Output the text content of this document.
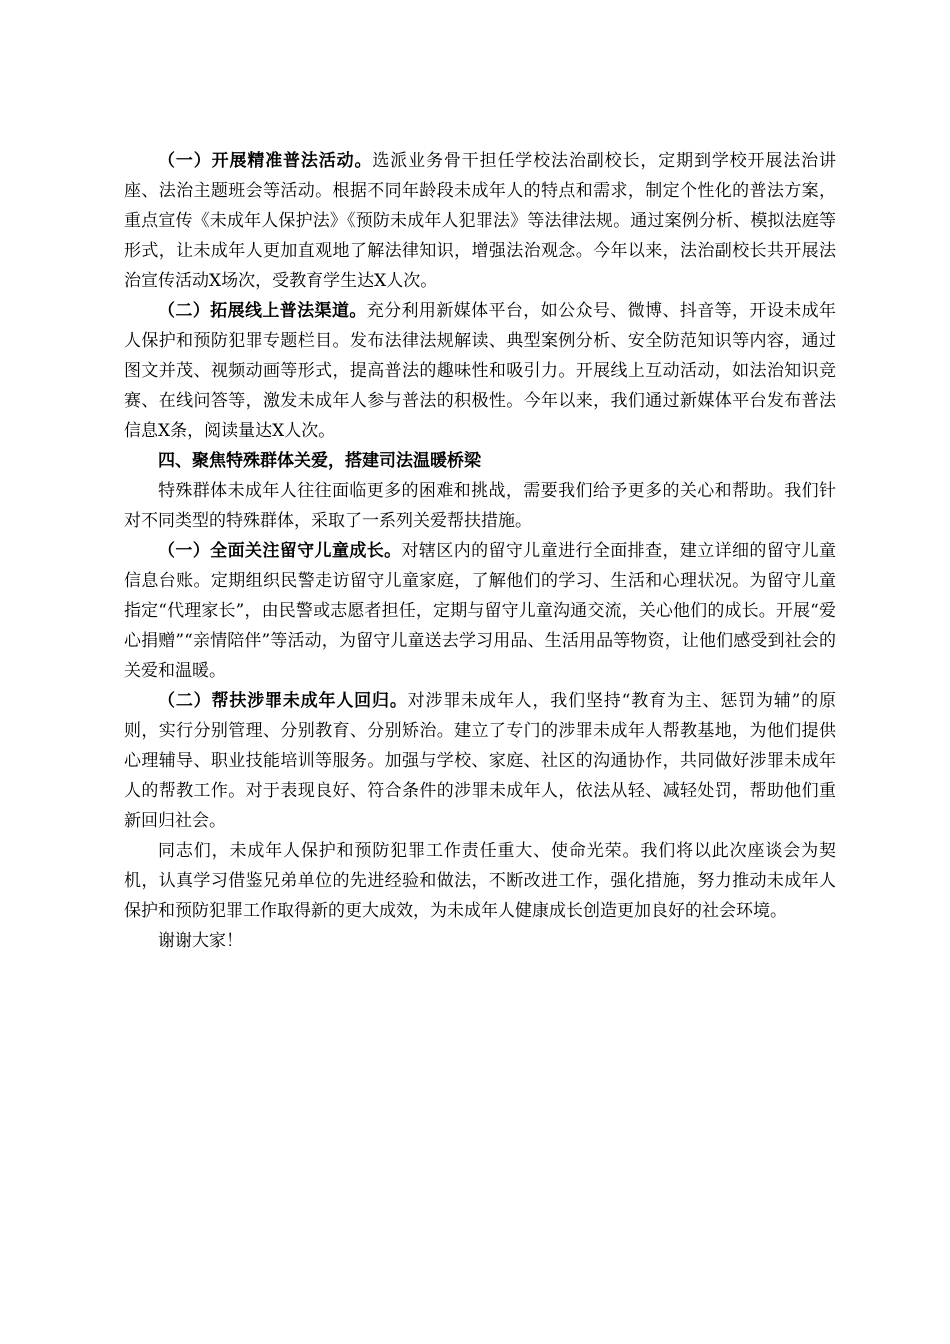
（一）开展精准普法活动。选派业务骨干担任学校法治副校长，定期到学校开展法治讲座、法治主题班会等活动。根据不同年龄段未成年人的特点和需求，制定个性化的普法方案，重点宣传《未成年人保护法》《预防未成年人犯罪法》等法律法规。通过案例分析、模拟法庭等形式，让未成年人更加直观地了解法律知识，增强法治观念。今年以来，法治副校长共开展法治宣传活动X场次，受教育学生达X人次。

（二）拓展线上普法渠道。充分利用新媒体平台，如公众号、微博、抖音等，开设未成年人保护和预防犯罪专题栏目。发布法律法规解读、典型案例分析、安全防范知识等内容，通过图文并茂、视频动画等形式，提高普法的趣味性和吸引力。开展线上互动活动，如法治知识竞赛、在线问答等，激发未成年人参与普法的积极性。今年以来，我们通过新媒体平台发布普法信息X条，阅读量达X人次。

四、聚焦特殊群体关爱，搭建司法温暖桥梁

特殊群体未成年人往往面临更多的困难和挑战，需要我们给予更多的关心和帮助。我们针对不同类型的特殊群体，采取了一系列关爱帮扶措施。

（一）全面关注留守儿童成长。对辖区内的留守儿童进行全面排查，建立详细的留守儿童信息台账。定期组织民警走访留守儿童家庭，了解他们的学习、生活和心理状况。为留守儿童指定“代理家长”，由民警或志愿者担任，定期与留守儿童沟通交流，关心他们的成长。开展“爱心捐赠”“亲情陪伴”等活动，为留守儿童送去学习用品、生活用品等物资，让他们感受到社会的关爱和温暖。

（二）帮扶涉罪未成年人回归。对涉罪未成年人，我们坚持“教育为主、惩罚为辅”的原则，实行分别管理、分别教育、分别矫治。建立了专门的涉罪未成年人帮教基地，为他们提供心理辅导、职业技能培训等服务。加强与学校、家庭、社区的沟通协作，共同做好涉罪未成年人的帮教工作。对于表现良好、符合条件的涉罪未成年人，依法从轻、减轻处罚，帮助他们重新回归社会。

同志们，未成年人保护和预防犯罪工作责任重大、使命光荣。我们将以此次座谈会为契机，认真学习借鉴兄弟单位的先进经验和做法，不断改进工作，强化措施，努力推动未成年人保护和预防犯罪工作取得新的更大成效，为未成年人健康成长创造更加良好的社会环境。

谢谢大家！
